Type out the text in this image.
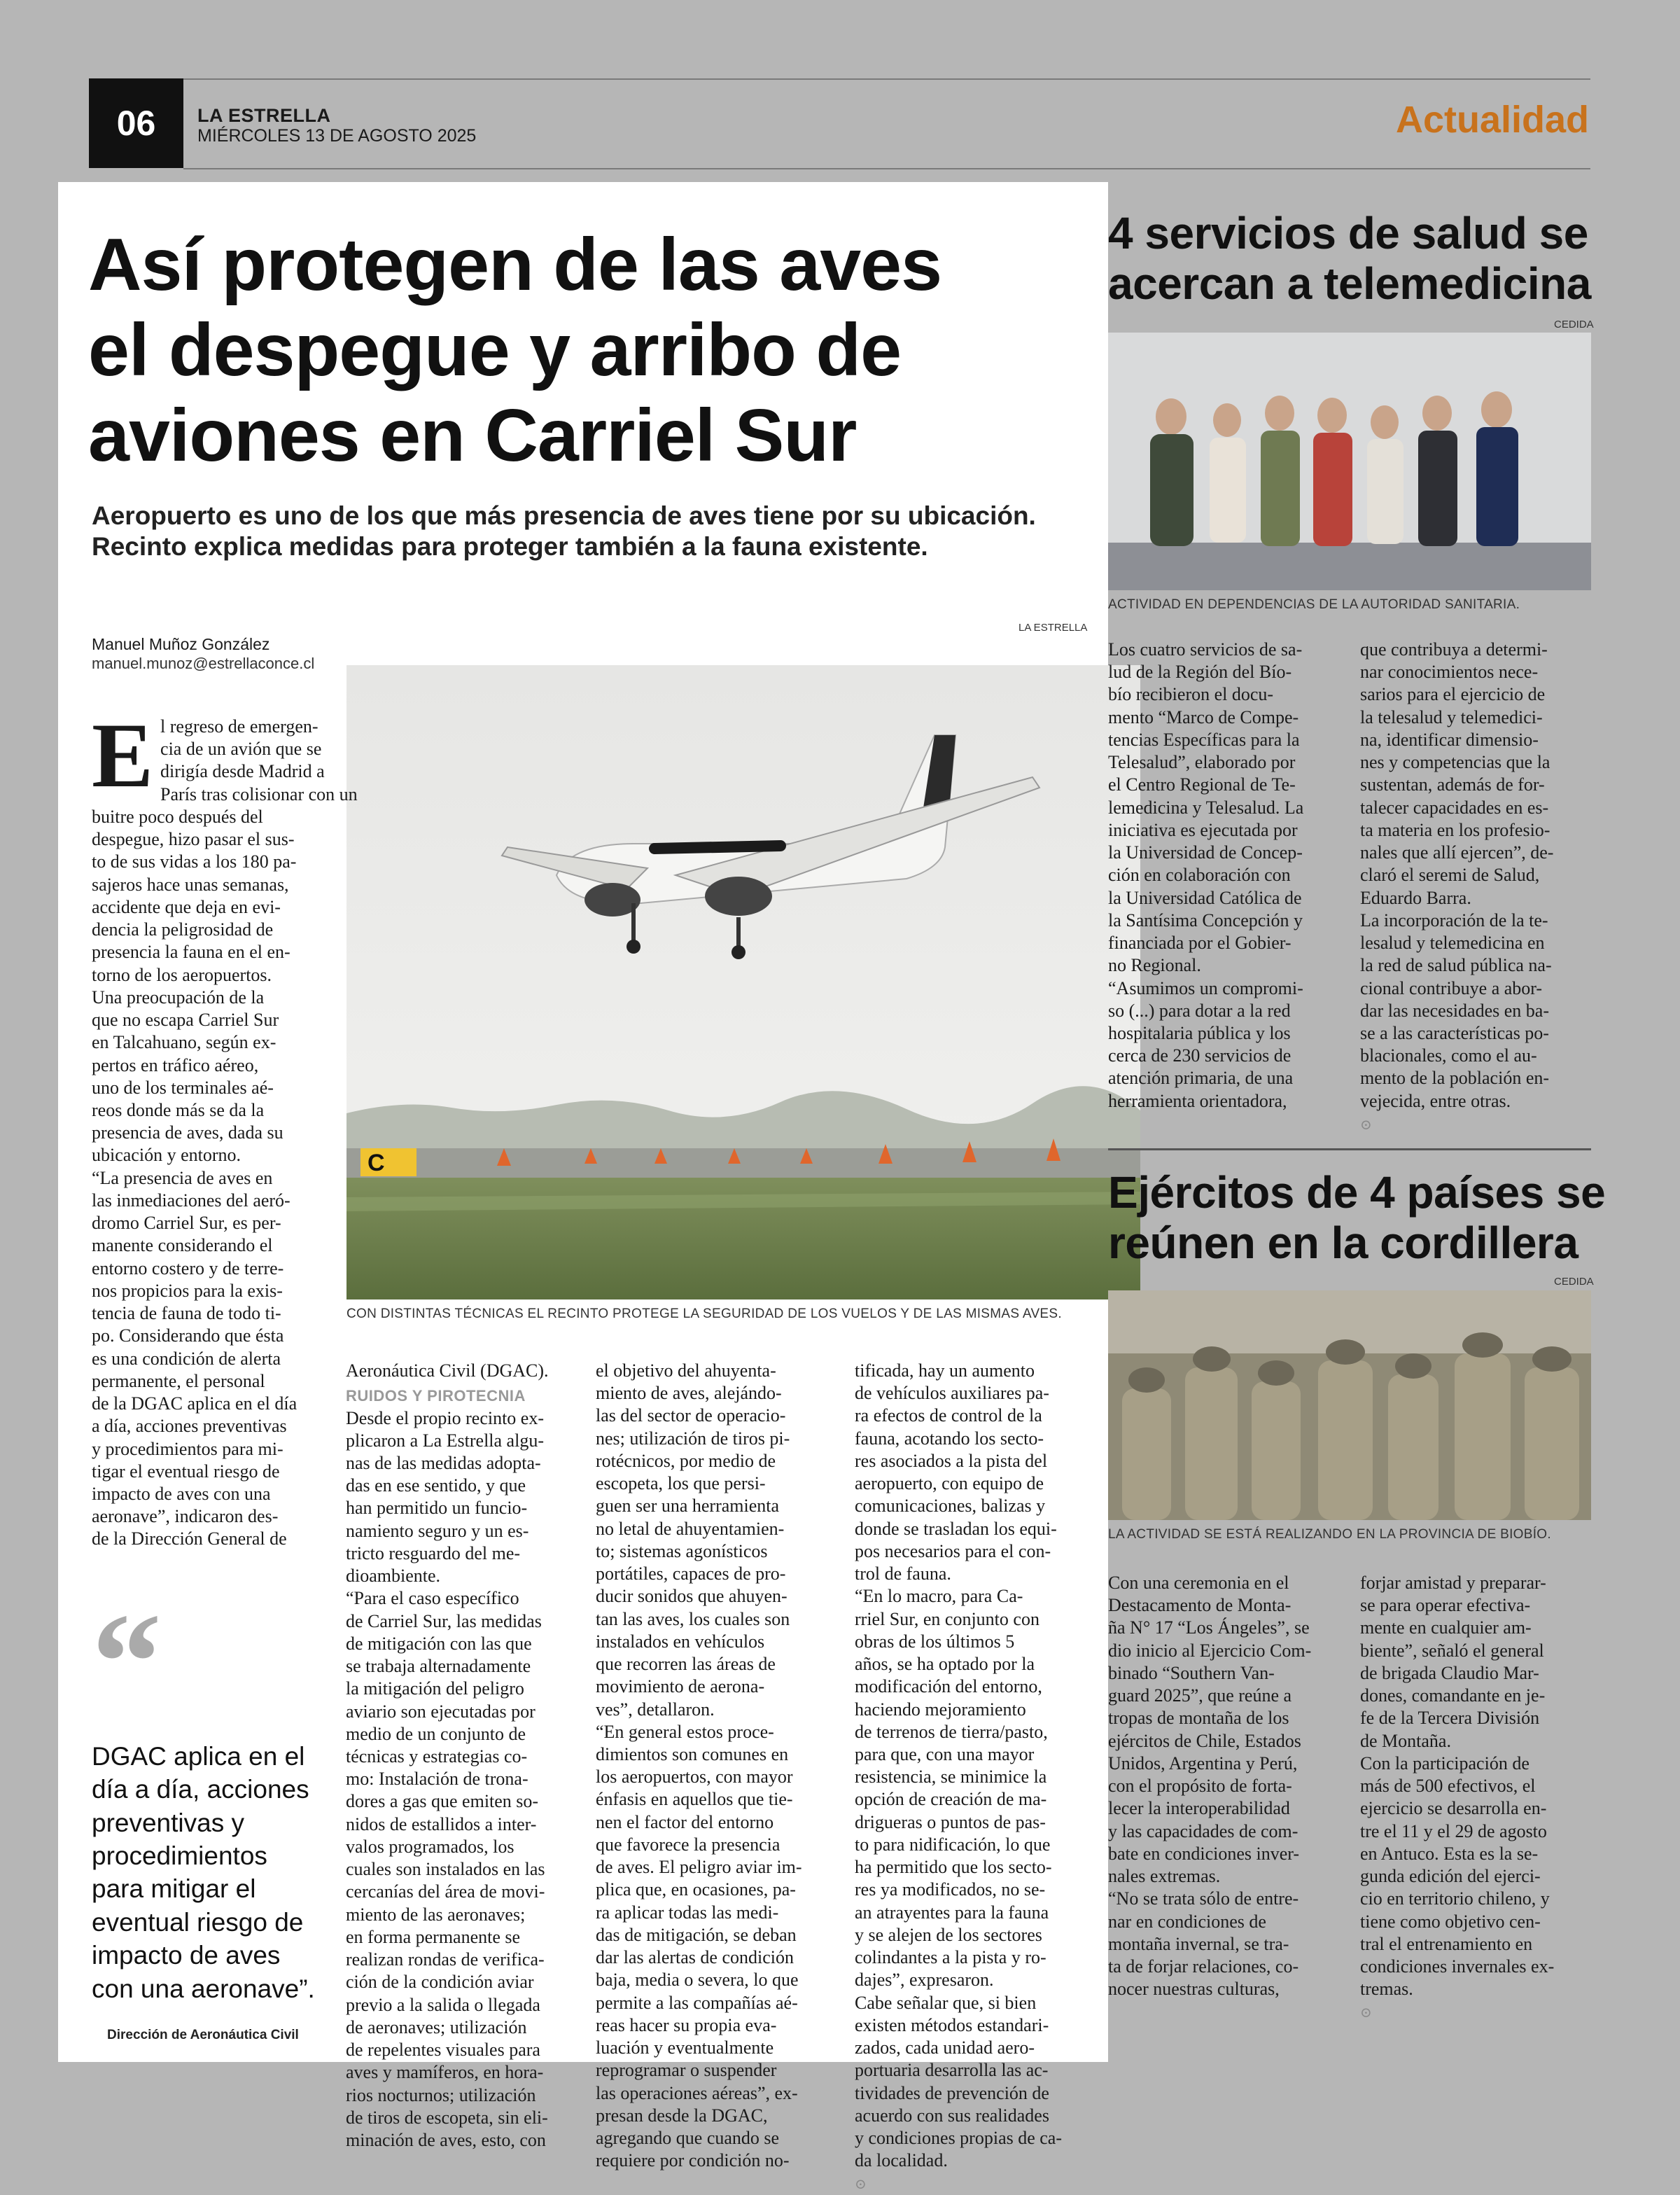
06	LA ESTRELLA
MIÉRCOLES 13 DE AGOSTO 2025	Actualidad
Así protegen de las aves
el despegue y arribo de
aviones en Carriel Sur
Aeropuerto es uno de los que más presencia de aves tiene por su ubicación.
Recinto explica medidas para proteger también a la fauna existente.
Manuel Muñoz González
manuel.munoz@estrellaconce.cl
LA ESTRELLA
C
CON DISTINTAS TÉCNICAS EL RECINTO PROTEGE LA SEGURIDAD DE LOS VUELOS Y DE LAS MISMAS AVES.
E l regreso de emergen-
cia de un avión que se
dirigía desde Madrid a
París tras colisionar con un
buitre poco después del
despegue, hizo pasar el sus-
to de sus vidas a los 180 pa-
sajeros hace unas semanas,
accidente que deja en evi-
dencia la peligrosidad de
presencia la fauna en el en-
torno de los aeropuertos.
Una preocupación de la
que no escapa Carriel Sur
en Talcahuano, según ex-
pertos en tráfico aéreo,
uno de los terminales aé-
reos donde más se da la
presencia de aves, dada su
ubicación y entorno.
“La presencia de aves en
las inmediaciones del aeró-
dromo Carriel Sur, es per-
manente considerando el
entorno costero y de terre-
nos propicios para la exis-
tencia de fauna de todo ti-
po. Considerando que ésta
es una condición de alerta
permanente, el personal
de la DGAC aplica en el día
a día, acciones preventivas
y procedimientos para mi-
tigar el eventual riesgo de
impacto de aves con una
aeronave”, indicaron des-
de la Dirección General de
“
DGAC aplica en el
día a día, acciones
preventivas y
procedimientos
para mitigar el
eventual riesgo de
impacto de aves
con una aeronave”.
Dirección de Aeronáutica Civil
Aeronáutica Civil (DGAC).
RUIDOS Y PIROTECNIA
Desde el propio recinto ex-
plicaron a La Estrella algu-
nas de las medidas adopta-
das en ese sentido, y que
han permitido un funcio-
namiento seguro y un es-
tricto resguardo del me-
dioambiente.
“Para el caso específico
de Carriel Sur, las medidas
de mitigación con las que
se trabaja alternadamente
la mitigación del peligro
aviario son ejecutadas por
medio de un conjunto de
técnicas y estrategias co-
mo: Instalación de trona-
dores a gas que emiten so-
nidos de estallidos a inter-
valos programados, los
cuales son instalados en las
cercanías del área de movi-
miento de las aeronaves;
en forma permanente se
realizan rondas de verifica-
ción de la condición aviar
previo a la salida o llegada
de aeronaves; utilización
de repelentes visuales para
aves y mamíferos, en hora-
rios nocturnos; utilización
de tiros de escopeta, sin eli-
minación de aves, esto, con
el objetivo del ahuyenta-
miento de aves, alejándo-
las del sector de operacio-
nes; utilización de tiros pi-
rotécnicos, por medio de
escopeta, los que persi-
guen ser una herramienta
no letal de ahuyentamien-
to; sistemas agonísticos
portátiles, capaces de pro-
ducir sonidos que ahuyen-
tan las aves, los cuales son
instalados en vehículos
que recorren las áreas de
movimiento de aerona-
ves”, detallaron.
“En general estos proce-
dimientos son comunes en
los aeropuertos, con mayor
énfasis en aquellos que tie-
nen el factor del entorno
que favorece la presencia
de aves. El peligro aviar im-
plica que, en ocasiones, pa-
ra aplicar todas las medi-
das de mitigación, se deban
dar las alertas de condición
baja, media o severa, lo que
permite a las compañías aé-
reas hacer su propia eva-
luación y eventualmente
reprogramar o suspender
las operaciones aéreas”, ex-
presan desde la DGAC,
agregando que cuando se
requiere por condición no-
tificada, hay un aumento
de vehículos auxiliares pa-
ra efectos de control de la
fauna, acotando los secto-
res asociados a la pista del
aeropuerto, con equipo de
comunicaciones, balizas y
donde se trasladan los equi-
pos necesarios para el con-
trol de fauna.
“En lo macro, para Ca-
rriel Sur, en conjunto con
obras de los últimos 5
años, se ha optado por la
modificación del entorno,
haciendo mejoramiento
de terrenos de tierra/pasto,
para que, con una mayor
resistencia, se minimice la
opción de creación de ma-
drigueras o puntos de pas-
to para nidificación, lo que
ha permitido que los secto-
res ya modificados, no se-
an atrayentes para la fauna
y se alejen de los sectores
colindantes a la pista y ro-
dajes”, expresaron.
Cabe señalar que, si bien
existen métodos estandari-
zados, cada unidad aero-
portuaria desarrolla las ac-
tividades de prevención de
acuerdo con sus realidades
y condiciones propias de ca-
da localidad.
⊙
4 servicios de salud se
acercan a telemedicina
CEDIDA
ACTIVIDAD EN DEPENDENCIAS DE LA AUTORIDAD SANITARIA.
Los cuatro servicios de sa-
lud de la Región del Bío-
bío recibieron el docu-
mento “Marco de Compe-
tencias Específicas para la
Telesalud”, elaborado por
el Centro Regional de Te-
lemedicina y Telesalud. La
iniciativa es ejecutada por
la Universidad de Concep-
ción en colaboración con
la Universidad Católica de
la Santísima Concepción y
financiada por el Gobier-
no Regional.
“Asumimos un compromi-
so (...) para dotar a la red
hospitalaria pública y los
cerca de 230 servicios de
atención primaria, de una
herramienta orientadora,
que contribuya a determi-
nar conocimientos nece-
sarios para el ejercicio de
la telesalud y telemedici-
na, identificar dimensio-
nes y competencias que la
sustentan, además de for-
talecer capacidades en es-
ta materia en los profesio-
nales que allí ejercen”, de-
claró el seremi de Salud,
Eduardo Barra.
La incorporación de la te-
lesalud y telemedicina en
la red de salud pública na-
cional contribuye a abor-
dar las necesidades en ba-
se a las características po-
blacionales, como el au-
mento de la población en-
vejecida, entre otras.
⊙
Ejércitos de 4 países se
reúnen en la cordillera
CEDIDA
LA ACTIVIDAD SE ESTÁ REALIZANDO EN LA PROVINCIA DE BIOBÍO.
Con una ceremonia en el
Destacamento de Monta-
ña N° 17 “Los Ángeles”, se
dio inicio al Ejercicio Com-
binado “Southern Van-
guard 2025”, que reúne a
tropas de montaña de los
ejércitos de Chile, Estados
Unidos, Argentina y Perú,
con el propósito de forta-
lecer la interoperabilidad
y las capacidades de com-
bate en condiciones inver-
nales extremas.
“No se trata sólo de entre-
nar en condiciones de
montaña invernal, se tra-
ta de forjar relaciones, co-
nocer nuestras culturas,
forjar amistad y preparar-
se para operar efectiva-
mente en cualquier am-
biente”, señaló el general
de brigada Claudio Mar-
dones, comandante en je-
fe de la Tercera División
de Montaña.
Con la participación de
más de 500 efectivos, el
ejercicio se desarrolla en-
tre el 11 y el 29 de agosto
en Antuco. Esta es la se-
gunda edición del ejerci-
cio en territorio chileno, y
tiene como objetivo cen-
tral el entrenamiento en
condiciones invernales ex-
tremas.
⊙
